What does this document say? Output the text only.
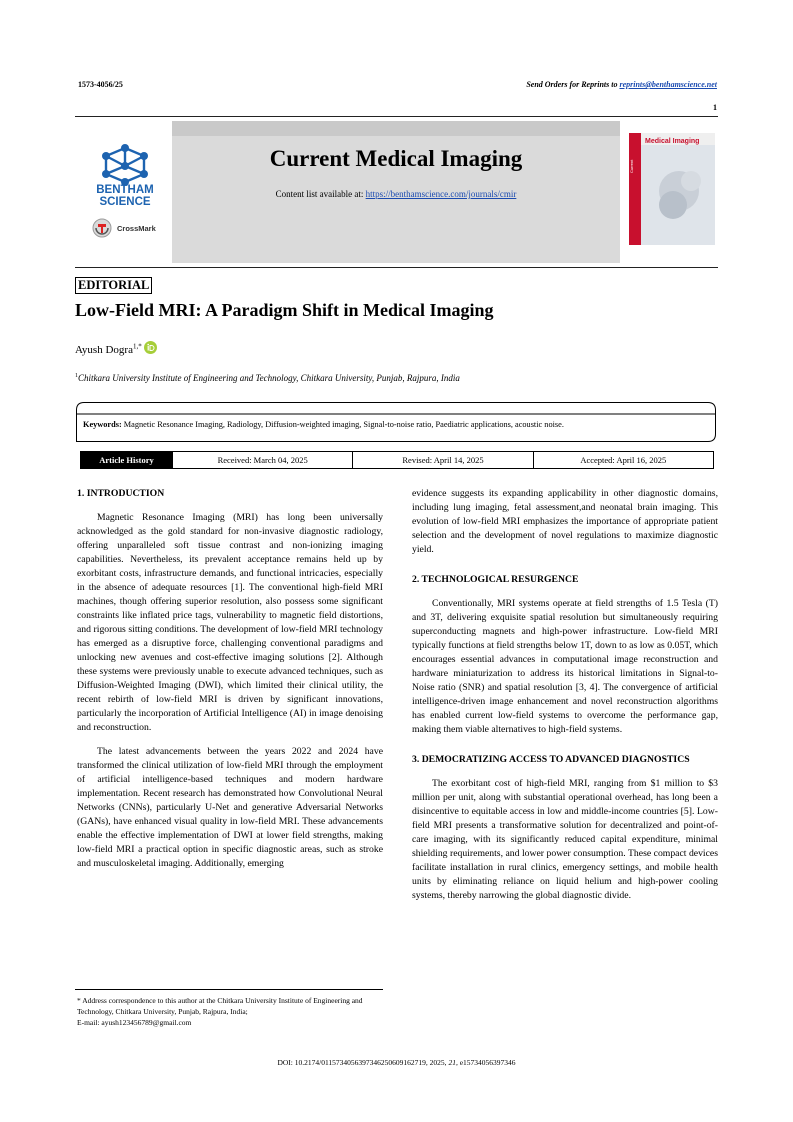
1573-4056/25	Send Orders for Reprints to reprints@benthamscience.net
1
BENTHAM
SCIENCE
CrossMark
Current Medical Imaging
Content list available at: https://benthamscience.com/journals/cmir
Medical Imaging
Current
EDITORIAL
Low-Field MRI: A Paradigm Shift in Medical Imaging
Ayush Dogra$^{1,*}$
$^1$Chitkara University Institute of Engineering and Technology, Chitkara University, Punjab, Rajpura, India
Keywords: Magnetic Resonance Imaging, Radiology, Diffusion-weighted imaging, Signal-to-noise ratio, Paediatric applications, acoustic noise.
Article History	Received: March 04, 2025	Revised: April 14, 2025	Accepted: April 16, 2025
1. INTRODUCTION

Magnetic Resonance Imaging (MRI) has long been universally acknowledged as the gold standard for non-invasive diagnostic radiology, offering unparalleled soft tissue contrast and non-ionizing imaging capabilities. Nevertheless, its prevalent acceptance remains held up by exorbitant costs, infrastructure demands, and functional intricacies, especially in the absence of adequate resources [1]. The conventional high-field MRI machines, though offering superior resolution, also possess some significant constraints like inflated price tags, vulnerability to magnetic field distortions, and rigorous sitting conditions. The development of low-field MRI technology has emerged as a disruptive force, challenging conventional paradigms and unlocking new avenues and cost-effective imaging solutions [2]. Although these systems were previously unable to execute advanced techniques, such as Diffusion-Weighted Imaging (DWI), which limited their clinical utility, the recent rebirth of low-field MRI is driven by significant innovations, particularly the incorporation of Artificial Intelligence (AI) in image denoising and reconstruction.

The latest advancements between the years 2022 and 2024 have transformed the clinical utilization of low-field MRI through the employment of artificial intelligence-based techniques and modern hardware implementation. Recent research has demonstrated how Convolutional Neural Networks (CNNs), particularly U-Net and generative Adversarial Networks (GANs), have enhanced visual quality in low-field MRI. These advancements enable the effective implementation of DWI at lower field strengths, making low-field MRI a practical option in specific diagnostic areas, such as stroke and musculoskeletal imaging. Additionally, emerging

evidence suggests its expanding applicability in other diagnostic domains, including lung imaging, fetal assessment,and neonatal brain imaging. This evolution of low-field MRI emphasizes the importance of appropriate patient selection and the development of novel regulations to maximize diagnostic yield.

2. TECHNOLOGICAL RESURGENCE

Conventionally, MRI systems operate at field strengths of 1.5 Tesla (T) and 3T, delivering exquisite spatial resolution but simultaneously requiring superconducting magnets and high-power infrastructure. Low-field MRI typically functions at field strengths below 1T, down to as low as 0.05T, which encourages essential advances in computational image reconstruction and hardware miniaturization to address its historical limitations in Signal-to-Noise ratio (SNR) and spatial resolution [3, 4]. The convergence of artificial intelligence-driven image enhancement and novel reconstruction algorithms has enabled current low-field systems to overcome the performance gap, making them viable alternatives to high-field systems.

3. DEMOCRATIZING ACCESS TO ADVANCED DIAGNOSTICS

The exorbitant cost of high-field MRI, ranging from $1 million to $3 million per unit, along with substantial operational overhead, has long been a disincentive to equitable access in low and middle-income countries [5]. Low-field MRI presents a transformative solution for decentralized and point-of-care imaging, with its significantly reduced capital expenditure, minimal shielding requirements, and lower power consumption. These compact devices facilitate installation in rural clinics, emergency settings, and mobile health units by eliminating reliance on liquid helium and high-power cooling systems, thereby narrowing the global diagnostic divide.

* Address correspondence to this author at the Chitkara University Institute of Engineering and Technology, Chitkara University, Punjab, Rajpura, India;
E-mail: ayush123456789@gmail.com
DOI: 10.2174/0115734056397346250609162719, 2025, 21, e15734056397346
